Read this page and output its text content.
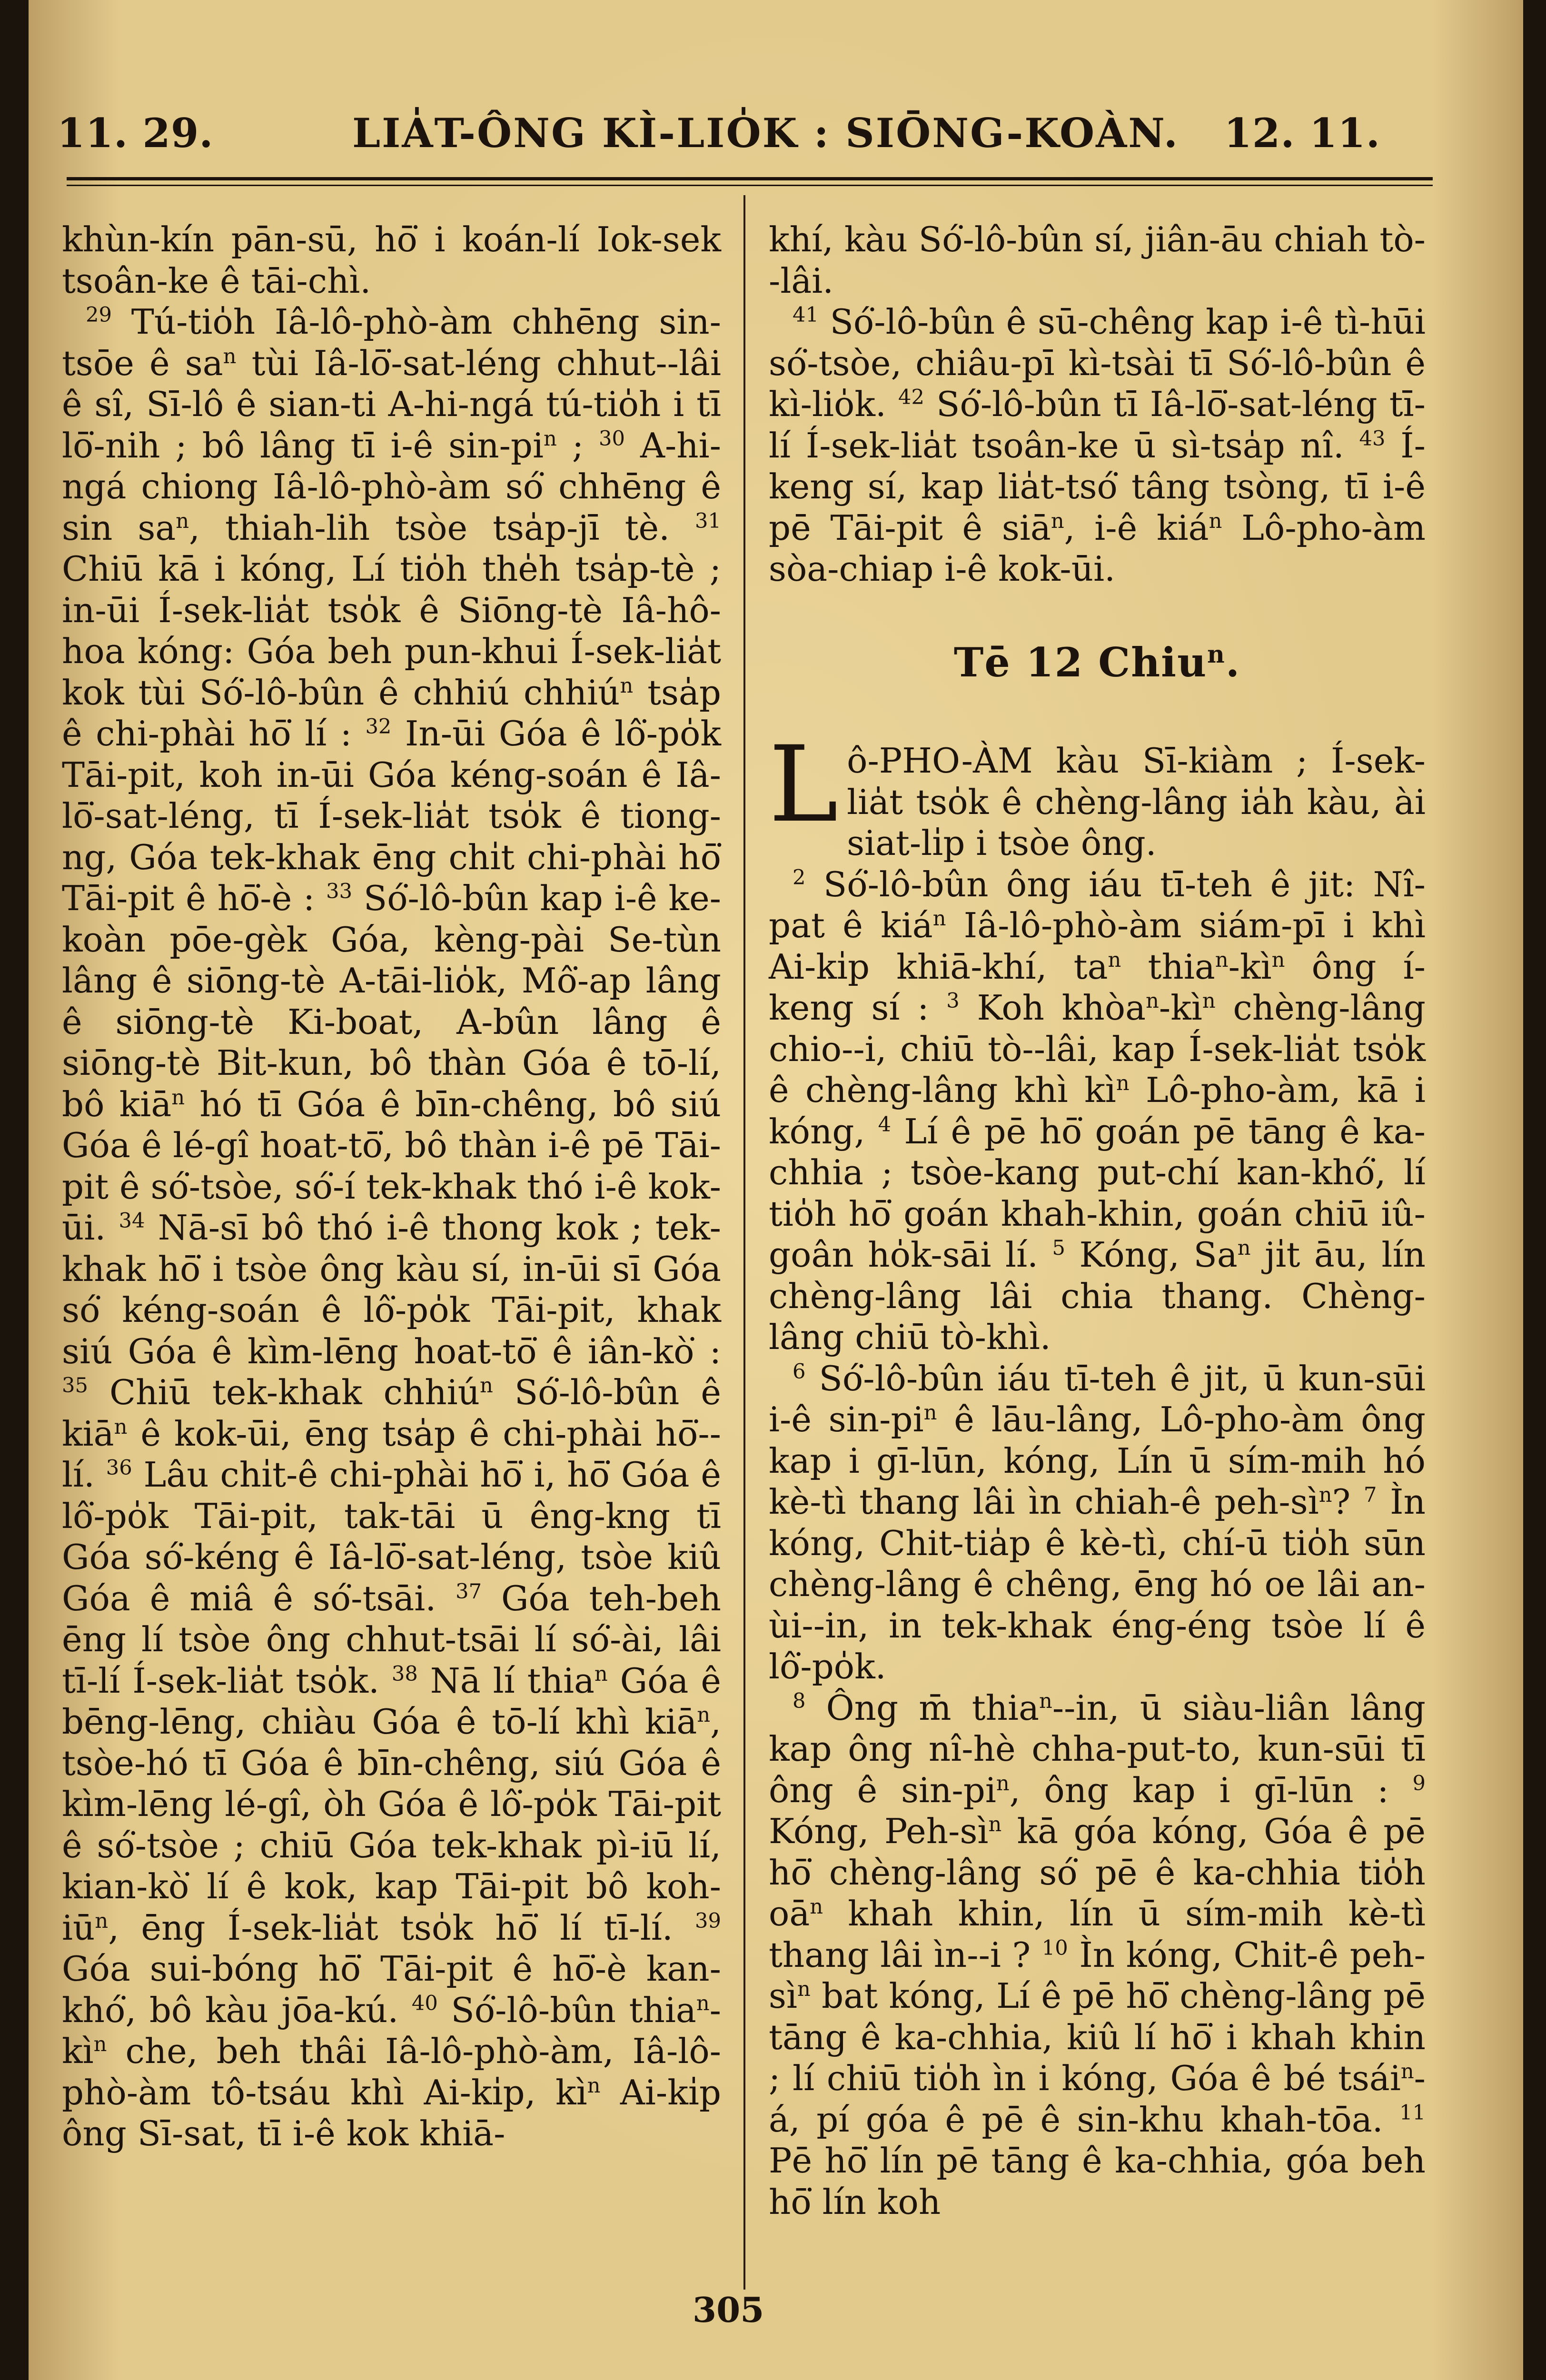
11. 29.	LIA̍T-ÔNG KÌ-LIO̍K : SIŌNG-KOÀN. 12. 11.

khùn-kín pān-sū, hō͘ i koán-lí Iok-sek tsoân-ke ê tāi-chì.

$^{29}$ Tú-tio̍h Iâ-lô-phò-àm chhēng sin-tsōe ê $sa^n$ tùi Iâ-lō͘-sat-léng chhut--lâi ê sî, Sī-lô ê sian-ti A-hi-ngá tú-tio̍h i tī lō͘-nih ; bô lâng tī i-ê $\sin-pi^n$ ; $^{30}$ A-hi-ngá chiong Iâ-lô-phò-àm só͘ chhēng ê $\sin sa^n$, thiah-lih tsòe tsa̍p-jī tè. $^{31}$ Chiū kā i kóng, Lí tio̍h the̍h tsa̍p-tè ; in-ūi Í-sek-lia̍t tso̍k ê Siōng-tè Iâ-hô-hoa kóng: Góa beh pun-khui Í-sek-lia̍t kok tùi Só͘-lô-bûn ê chhiú chhiú$^n$ tsa̍p ê chi-phài hō͘ lí : $^{32}$ In-ūi Góa ê lô͘-po̍k Tāi-pit, koh in-ūi Góa kéng-soán ê Iâ-lō͘-sat-léng, tī Í-sek-lia̍t tso̍k ê tiong-ng, Góa tek-khak ēng chi̍t chi-phài hō͘ Tāi-pit ê hō͘-è : $^{33}$ Só͘-lô-bûn kap i-ê ke-koàn pōe-gèk Góa, kèng-pài Se-tùn lâng ê siōng-tè A-tāi-lio̍k, Mô͘-ap lâng ê siōng-tè Ki-boat, A-bûn lâng ê siōng-tè Bi̍t-kun, bô thàn Góa ê tō-lí, bô kiā$^n$ hó tī Góa ê bīn-chêng, bô siú Góa ê lé-gî hoat-tō͘, bô thàn i-ê pē Tāi-pit ê só͘-tsòe, só͘-í tek-khak thó i-ê kok-ūi. $^{34}$ Nā-sī bô thó i-ê thong kok ; tek-khak hō͘ i tsòe ông kàu sí, in-ūi sī Góa só͘ kéng-soán ê lô͘-po̍k Tāi-pit, khak siú Góa ê kìm-lēng hoat-tō͘ ê iân-kò͘ : $^{35}$ Chiū tek-khak chhiú$^n$ Só͘-lô-bûn ê kiā$^n$ ê kok-ūi, ēng tsa̍p ê chi-phài hō͘--lí. $^{36}$ Lâu chi̍t-ê chi-phài hō͘ i, hō͘ Góa ê lô͘-po̍k Tāi-pit, tak-tāi ū êng-kng tī Góa só͘-kéng ê Iâ-lō͘-sat-léng, tsòe kiû Góa ê miâ ê só͘-tsāi. $^{37}$ Góa teh-beh ēng lí tsòe ông chhut-tsāi lí só͘-ài, lâi tī-lí Í-sek-lia̍t tso̍k. $^{38}$ Nā lí thia$^n$ Góa ê bēng-lēng, chiàu Góa ê tō-lí khì kiā$^n$, tsòe-hó tī Góa ê bīn-chêng, siú Góa ê kìm-lēng lé-gî, òh Góa ê lô͘-po̍k Tāi-pit ê só͘-tsòe ; chiū Góa tek-khak pì-iū lí, kian-kò͘ lí ê kok, kap Tāi-pit bô koh-$iū^n$, ēng Í-sek-lia̍t tso̍k hō͘ lí tī-lí. $^{39}$ Góa sui-bóng hō͘ Tāi-pit ê hō͘-è kan-khó͘, bô kàu jōa-kú. $^{40}$ Só͘-lô-bûn $thia^n-kì^n$ che, beh thâi Iâ-lô-phò-àm, Iâ-lô-phò-àm tô-tsáu khì Ai-ki̍p, $kì^n$ Ai-ki̍p ông Sī-sat, tī i-ê kok khiā-

khí, kàu Só͘-lô-bûn sí, jiân-āu chiah tò--lâi.

$^{41}$ Só͘-lô-bûn ê sū-chêng kap i-ê tì-hūi só͘-tsòe, chiâu-pī kì-tsài tī Só͘-lô-bûn ê kì-lio̍k. $^{42}$ Só͘-lô-bûn tī Iâ-lō͘-sat-léng tī-lí Í-sek-lia̍t tsoân-ke ū sì-tsa̍p nî. $^{43}$ Í-keng sí, kap lia̍t-tsó͘ tâng tsòng, tī i-ê pē Tāi-pit ê siā$^n$, i-ê kiá$^n$ Lô-pho-àm sòa-chiap i-ê kok-ūi.

Tē 12 Chiu$^n$.

Lô-PHO-ÀM kàu Sī-kiàm ; Í-sek-lia̍t tso̍k ê chèng-lâng ia̍h kàu, ài siat-li̍p i tsòe ông.

$^2$ Só͘-lô-bûn ông iáu tī-teh ê jit: Nî-pat ê kiá$^n$ Iâ-lô-phò-àm siám-pī i khì Ai-ki̍p khiā-khí, $ta^n$ $thia^n-kì^n$ ông í-keng sí : $^3$ Koh $khòa^n-kì^n$ chèng-lâng chio--i, chiū tò--lâi, kap Í-sek-lia̍t tso̍k ê chèng-lâng khì $kì^n$ Lô-pho-àm, kā i kóng, $^4$ Lí ê pē hō͘ goán pē tāng ê ka-chhia ; tsòe-kang put-chí kan-khó͘, lí tio̍h hō͘ goán khah-khin, goán chiū iû-goân ho̍k-sāi lí. $^5$ Kóng, Sa$^n$ ji̍t āu, lín chèng-lâng lâi chia thang. Chèng-lâng chiū tò-khì.

$^6$ Só͘-lô-bûn iáu tī-teh ê jit, ū kun-sūi i-ê $\sin-pi^n$ ê lāu-lâng, Lô-pho-àm ông kap i gī-lūn, kóng, Lín ū sím-mih hó kè-tì thang lâi ìn chiah-ê peh-$sì^n$? $^7$ Ìn kóng, Chit-tia̍p ê kè-tì, chí-ū tio̍h sūn chèng-lâng ê chêng, ēng hó oe lâi an-ùi--in, in tek-khak éng-éng tsòe lí ê lô͘-po̍k.

$^8$ Ông m̄ thia$^n$--in, ū siàu-liân lâng kap ông nî-hè chha-put-to, kun-sūi tī ông ê $\sin-pi^n$, ông kap i gī-lūn : $^9$ Kóng, Peh-$sì^n$ kā góa kóng, Góa ê pē hō͘ chèng-lâng só͘ pē ê ka-chhia tio̍h $oā^n$ khah khin, lín ū sím-mih kè-tì thang lâi ìn--i ? $^{10}$ Ìn kóng, Chit-ê peh-$sì^n$ bat kóng, Lí ê pē hō͘ chèng-lâng pē tāng ê ka-chhia, kiû lí hō͘ i khah khin ; lí chiū tio̍h ìn i kóng, Góa ê bé tsái$^n$-á, pí góa ê pē ê sin-khu khah-tōa. $^{11}$ Pē hō͘ lín pē tāng ê ka-chhia, góa beh hō͘ lín koh

305
